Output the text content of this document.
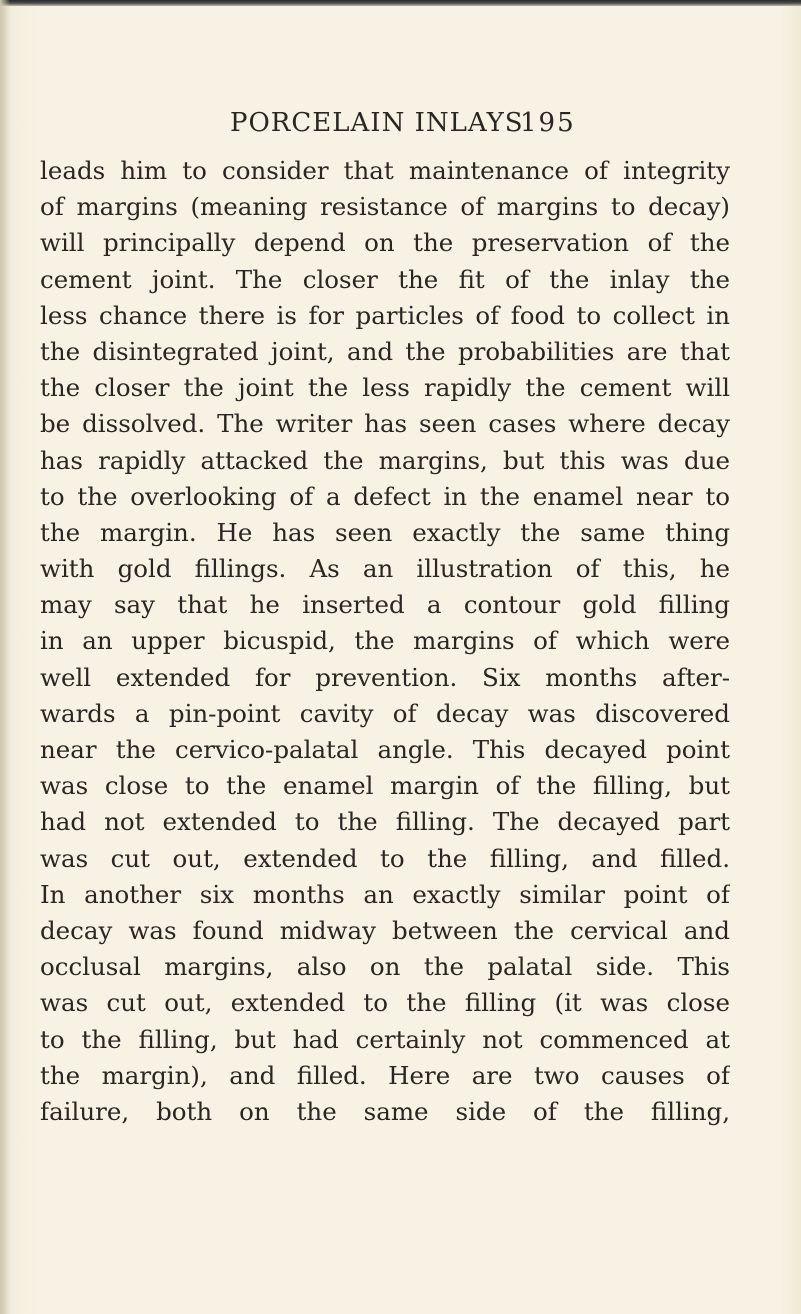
PORCELAIN INLAYS
195
leads him to consider that maintenance of integrity
of margins (meaning resistance of margins to decay)
will principally depend on the preservation of the
cement joint. The closer the fit of the inlay the
less chance there is for particles of food to collect in
the disintegrated joint, and the probabilities are that
the closer the joint the less rapidly the cement will
be dissolved. The writer has seen cases where decay
has rapidly attacked the margins, but this was due
to the overlooking of a defect in the enamel near to
the margin. He has seen exactly the same thing
with gold fillings. As an illustration of this, he
may say that he inserted a contour gold filling
in an upper bicuspid, the margins of which were
well extended for prevention. Six months after-
wards a pin-point cavity of decay was discovered
near the cervico-palatal angle. This decayed point
was close to the enamel margin of the filling, but
had not extended to the filling. The decayed part
was cut out, extended to the filling, and filled.
In another six months an exactly similar point of
decay was found midway between the cervical and
occlusal margins, also on the palatal side. This
was cut out, extended to the filling (it was close
to the filling, but had certainly not commenced at
the margin), and filled. Here are two causes of
failure, both on the same side of the filling,
